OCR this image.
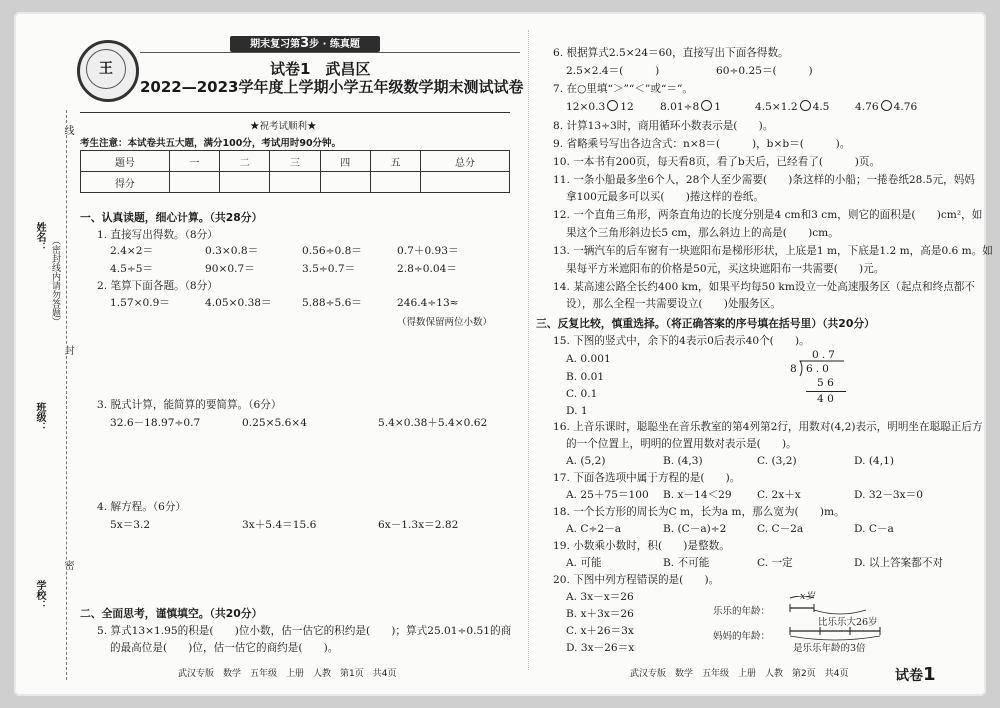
姓名：
班级：
学校：
（密封线内请勿答题）
线
封
密
王
期末复习第3步 · 练真题
试卷1　武昌区
2022—2023学年度上学期小学五年级数学期末测试试卷
★祝考试顺利★
考生注意：本试卷共五大题，满分100分，考试用时90分钟。
题号	一	二	三	四	五	总分
得分						
一、认真读题，细心计算。（共28分）
1. 直接写出得数。（8分）
2.4×2＝	0.3×0.8＝	0.56÷0.8＝	0.7＋0.93＝
4.5÷5＝	90×0.7＝	3.5÷0.7＝	2.8÷0.04＝
2. 笔算下面各题。（8分）
1.57×0.9＝	4.05×0.38＝	5.88÷5.6＝	246.4÷13≈
（得数保留两位小数）
3. 脱式计算，能简算的要简算。（6分）
32.6－18.97÷0.7	0.25×5.6×4	5.4×0.38＋5.4×0.62
4. 解方程。（6分）
5x＝3.2	3x＋5.4＝15.6	6x－1.3x＝2.82
二、全面思考，谨慎填空。（共20分）
5. 算式13×1.95的积是(　　)位小数，估一估它的积约是(　　)；算式25.01÷0.51的商
的最高位是(　　)位，估一估它的商约是(　　)。
武汉专版　数学　五年级　上册　人教　第1页　共4页
6. 根据算式2.5×24＝60，直接写出下面各得数。
2.5×2.4＝(　　　)	60÷0.25＝(　　　)
7. 在○里填“＞”“＜”或“＝”。
12×0.3 12 8.01÷8 1	4.5×1.2 4.5 4.76 4.76
8. 计算13÷3时，商用循环小数表示是(　　)。
9. 省略乘号写出各边含式：n×8＝(　　　)，b×b＝(　　　)。
10. 一本书有200页，每天看8页，看了b天后，已经看了(　　　)页。
11. 一条小船最多坐6个人，28个人至少需要(　　)条这样的小船；一捲卷纸28.5元，妈妈
拿100元最多可以买(　　)捲这样的卷纸。
12. 一个直角三角形，两条直角边的长度分别是4 cm和3 cm，则它的面积是(　　)cm²，如
果这个三角形斜边长5 cm，那么斜边上的高是(　　)cm。
13. 一辆汽车的后车窗有一块遮阳布是梯形形状，上底是1 m，下底是1.2 m，高是0.6 m。如
果每平方米遮阳布的价格是50元，买这块遮阳布一共需要(　　)元。
14. 某高速公路全长约400 km，如果平均每50 km设立一处高速服务区（起点和终点都不
设），那么全程一共需要设立(　　)处服务区。
三、反复比较，慎重选择。（将正确答案的序号填在括号里）（共20分）
15. 下图的竖式中，余下的4表示0后表示40个(　　)。
A. 0.001
B. 0.01
C. 0.1
D. 1
0.7
8 6.0
5 6
4 0
16. 上音乐课时，聪聪坐在音乐教室的第4列第2行，用数对(4,2)表示，明明坐在聪聪正后方
的一个位置上，明明的位置用数对表示是(　　)。
A. (5,2)	B. (4,3)	C. (3,2)	D. (4,1)
17. 下面各选项中属于方程的是(　　)。
A. 25＋75＝100 B. x－14＜29 C. 2x＋x	D. 32－3x＝0
18. 一个长方形的周长为C m，长为a m，那么宽为(　　)m。
A. C÷2－a	B. (C－a)÷2	C. C－2a	D. C－a
19. 小数乘小数时，积(　　)是整数。
A. 可能	B. 不可能	C. 一定	D. 以上答案都不对
20. 下图中列方程错误的是(　　)。
A. 3x－x＝26
B. x＋3x＝26
C. x＋26＝3x
D. 3x－26＝x
x岁
乐乐的年龄：
比乐乐大26岁
妈妈的年龄：
是乐乐年龄的3倍
武汉专版　数学　五年级　上册　人教　第2页　共4页	试卷1
